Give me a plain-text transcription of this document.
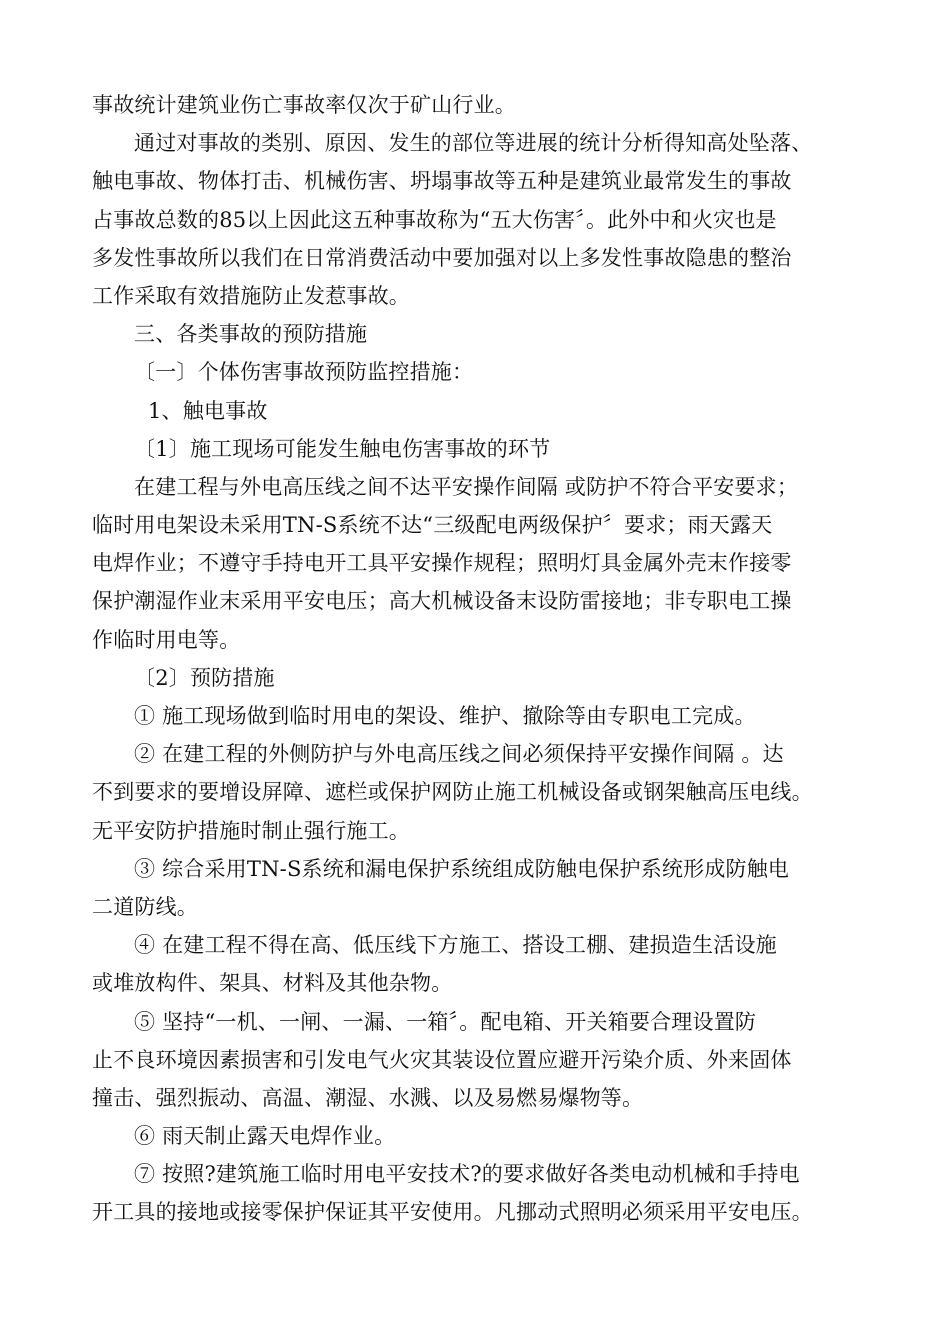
事故统计建筑业伤亡事故率仅次于矿山行业。
通过对事故的类别、原因、发生的部位等进展的统计分析得知高处坠落、
触电事故、物体打击、机械伤害、坍塌事故等五种是建筑业最常发生的事故
占事故总数的85以上因此这五种事故称为“五大伤害〞。此外中和火灾也是
多发性事故所以我们在日常消费活动中要加强对以上多发性事故隐患的整治
工作采取有效措施防止发惹事故。
三、各类事故的预防措施
〔一〕个体伤害事故预防监控措施：
1、触电事故
〔1〕施工现场可能发生触电伤害事故的环节
在建工程与外电高压线之间不达平安操作间隔 或防护不符合平安要求；
临时用电架设未采用TN-S系统不达“三级配电两级保护〞要求；雨天露天
电焊作业；不遵守手持电开工具平安操作规程；照明灯具金属外壳末作接零
保护潮湿作业末采用平安电压；高大机械设备末设防雷接地；非专职电工操
作临时用电等。
〔2〕预防措施
① 施工现场做到临时用电的架设、维护、撤除等由专职电工完成。
② 在建工程的外侧防护与外电高压线之间必须保持平安操作间隔 。达
不到要求的要增设屏障、遮栏或保护网防止施工机械设备或钢架触高压电线。
无平安防护措施时制止强行施工。
③ 综合采用TN-S系统和漏电保护系统组成防触电保护系统形成防触电
二道防线。
④ 在建工程不得在高、低压线下方施工、搭设工棚、建损造生活设施
或堆放构件、架具、材料及其他杂物。
⑤ 坚持“一机、一闸、一漏、一箱〞。配电箱、开关箱要合理设置防
止不良环境因素损害和引发电气火灾其装设位置应避开污染介质、外来固体
撞击、强烈振动、高温、潮湿、水溅、以及易燃易爆物等。
⑥ 雨天制止露天电焊作业。
⑦ 按照?建筑施工临时用电平安技术?的要求做好各类电动机械和手持电
开工具的接地或接零保护保证其平安使用。凡挪动式照明必须采用平安电压。
